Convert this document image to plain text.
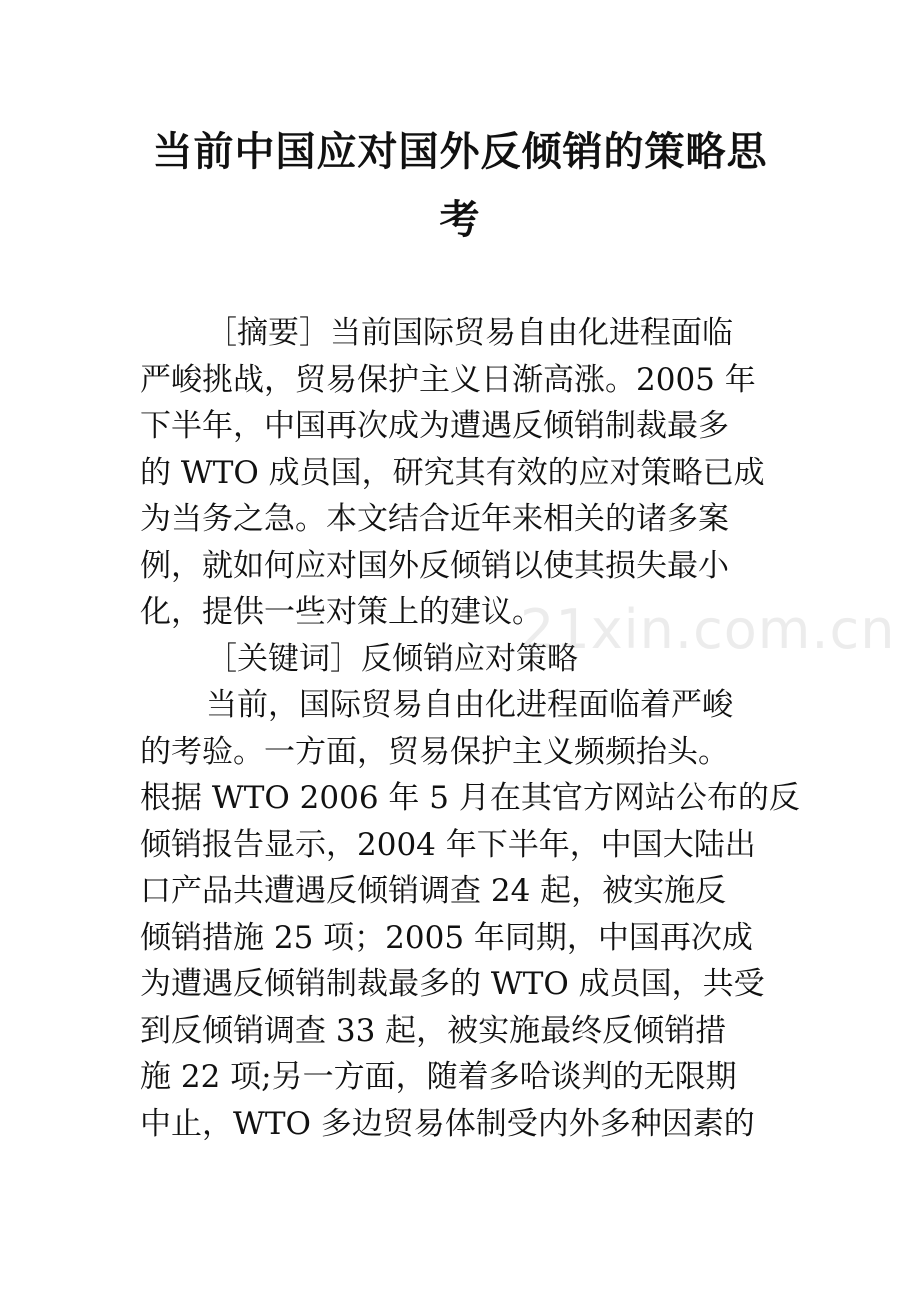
当前中国应对国外反倾销的策略思
考
［摘要］当前国际贸易自由化进程面临
严峻挑战，贸易保护主义日渐高涨。2005 年
下半年，中国再次成为遭遇反倾销制裁最多
的 WTO 成员国，研究其有效的应对策略已成
为当务之急。本文结合近年来相关的诸多案
例，就如何应对国外反倾销以使其损失最小
化，提供一些对策上的建议。
［关键词］反倾销应对策略
当前，国际贸易自由化进程面临着严峻
的考验。一方面，贸易保护主义频频抬头。
根据 WTO 2006 年 5 月在其官方网站公布的反
倾销报告显示，2004 年下半年，中国大陆出
口产品共遭遇反倾销调查 24 起，被实施反
倾销措施 25 项；2005 年同期，中国再次成
为遭遇反倾销制裁最多的 WTO 成员国，共受
到反倾销调查 33 起，被实施最终反倾销措
施 22 项;另一方面，随着多哈谈判的无限期
中止，WTO 多边贸易体制受内外多种因素的
21xin.com.cn
